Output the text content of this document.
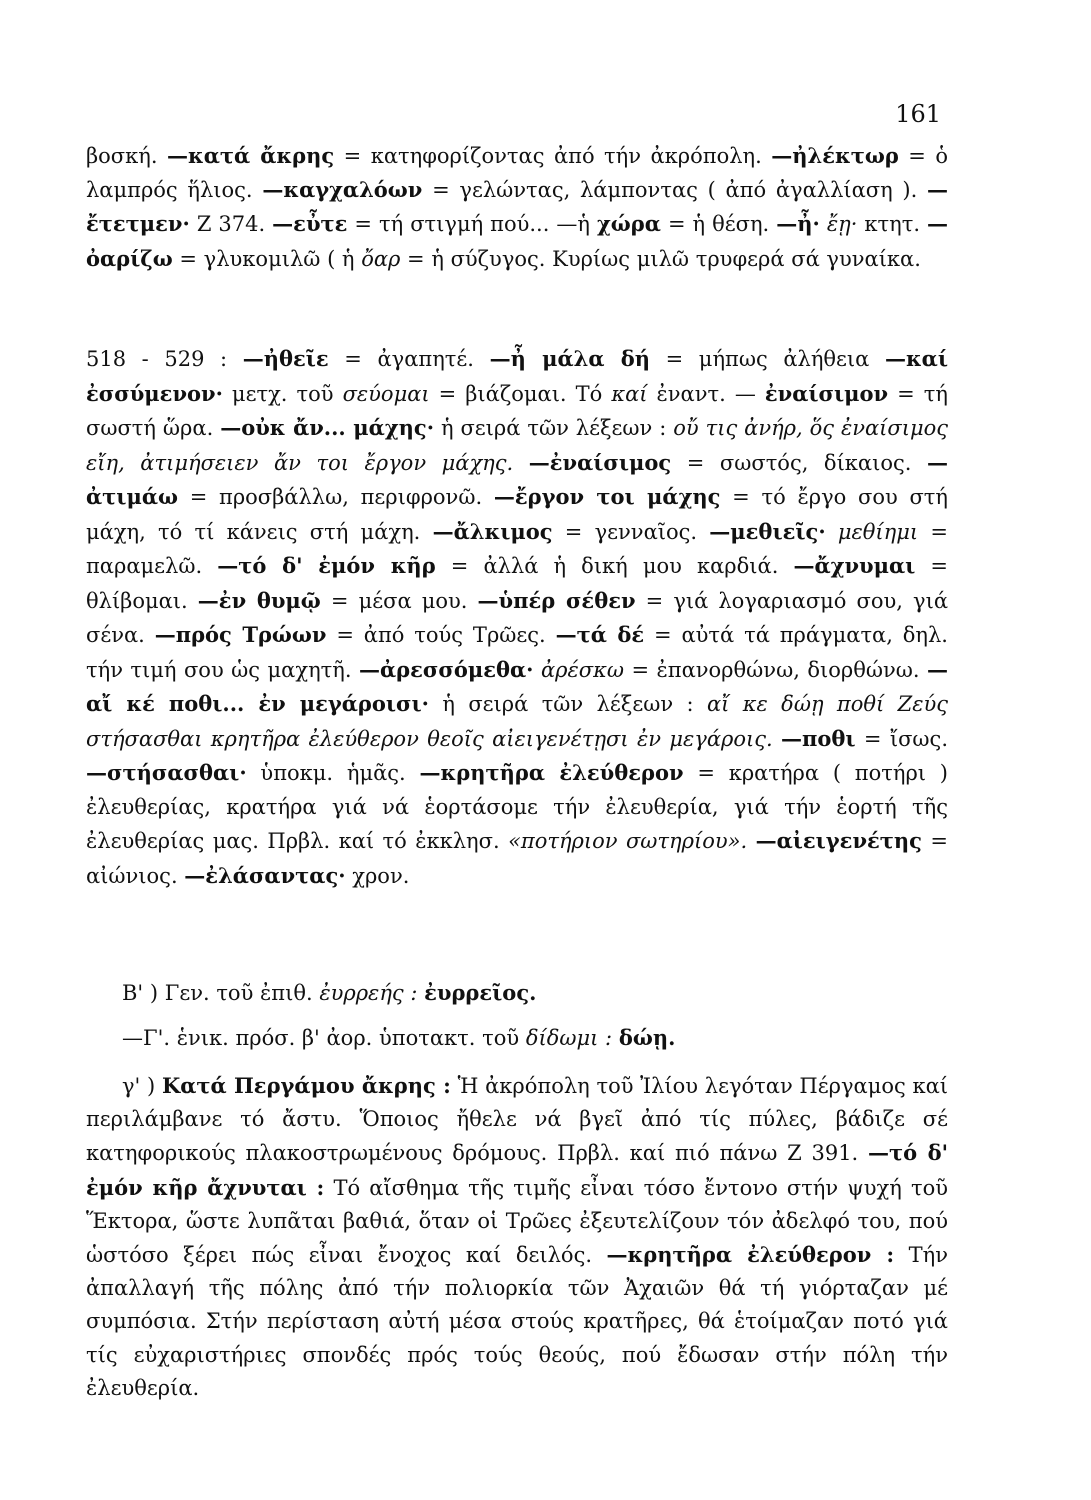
161
βοσκή. —κατά ἄκρης = κατηφορίζοντας ἀπό τήν ἀκρόπολη. —ἠλέκτωρ = ὁ λαμπρός ἥλιος. —καγχαλόων = γελώντας, λάμποντας ( ἀπό ἀγαλλίαση ). —ἔτετμεν· Ζ 374. —εὖτε = τή στιγμή πού... —ἡ χώρα = ἡ θέση. —ἦ· ἔῃ· κτητ. —ὀαρίζω = γλυκομιλῶ ( ἡ ὄαρ = ἡ σύζυγος. Κυρίως μιλῶ τρυφερά σά γυναίκα.
518 - 529 : —ἠθεῖε = ἀγαπητέ. —ἦ μάλα δή = μήπως ἀλήθεια —καί ἐσσύμενον· μετχ. τοῦ σεύομαι = βιάζομαι. Τό καί ἐναντ. — ἐναίσιμον = τή σωστή ὥρα. —οὐκ ἄν... μάχης· ἡ σειρά τῶν λέξεων : οὔ τις ἀνήρ, ὅς ἐναίσιμος εἴη, ἀτιμήσειεν ἄν τοι ἔργον μάχης. —ἐναίσιμος = σωστός, δίκαιος. —ἀτιμάω = προσβάλλω, περιφρονῶ. —ἔργον τοι μάχης = τό ἔργο σου στή μάχη, τό τί κάνεις στή μάχη. —ἄλκιμος = γενναῖος. —μεθιεῖς· μεθίημι = παραμελῶ. —τό δ' ἐμόν κῆρ = ἀλλά ἡ δική μου καρδιά. —ἄχνυμαι = θλίβομαι. —ἐν θυμῷ = μέσα μου. —ὑπέρ σέθεν = γιά λογαριασμό σου, γιά σένα. —πρός Τρώων = ἀπό τούς Τρῶες. —τά δέ = αὐτά τά πράγματα, δηλ. τήν τιμή σου ὡς μαχητῆ. —ἀρεσσόμεθα· ἀρέσκω = ἐπανορθώνω, διορθώνω. —αἴ κέ ποθι... ἐν μεγάροισι· ἡ σειρά τῶν λέξεων : αἴ κε δώῃ ποθί Ζεύς στήσασθαι κρητῆρα ἐλεύθερον θεοῖς αἰειγενέτῃσι ἐν μεγάροις. —ποθι = ἴσως. —στήσασθαι· ὑποκμ. ἡμᾶς. —κρητῆρα ἐλεύθερον = κρατήρα ( ποτήρι ) ἐλευθερίας, κρατήρα γιά νά ἑορτάσομε τήν ἐλευθερία, γιά τήν ἑορτή τῆς ἐλευθερίας μας. Πρβλ. καί τό ἐκκλησ. «ποτήριον σωτηρίου». —αἰειγενέτης = αἰώνιος. —ἐλάσαντας· χρον.
Β' ) Γεν. τοῦ ἐπιθ. ἐυρρεής : ἐυρρεῖος.
—Γ'. ἑνικ. πρόσ. β' ἀορ. ὑποτακτ. τοῦ δίδωμι : δώῃ.
γ' ) Κατά Περγάμου ἄκρης : Ἡ ἀκρόπολη τοῦ Ἰλίου λεγόταν Πέργαμος καί περιλάμβανε τό ἄστυ. Ὅποιος ἤθελε νά βγεῖ ἀπό τίς πύλες, βάδιζε σέ κατηφορικούς πλακοστρωμένους δρόμους. Πρβλ. καί πιό πάνω Ζ 391. —τό δ' ἐμόν κῆρ ἄχνυται : Τό αἴσθημα τῆς τιμῆς εἶναι τόσο ἔντονο στήν ψυχή τοῦ Ἕκτορα, ὥστε λυπᾶται βαθιά, ὅταν οἱ Τρῶες ἐξευτελίζουν τόν ἀδελφό του, πού ὡστόσο ξέρει πώς εἶναι ἔνοχος καί δειλός. —κρητῆρα ἐλεύθερον : Τήν ἀπαλλαγή τῆς πόλης ἀπό τήν πολιορκία τῶν Ἀχαιῶν θά τή γιόρταζαν μέ συμπόσια. Στήν περίσταση αὐτή μέσα στούς κρατῆρες, θά ἑτοίμαζαν ποτό γιά τίς εὐχαριστήριες σπονδές πρός τούς θεούς, πού ἔδωσαν στήν πόλη τήν ἐλευθερία.
